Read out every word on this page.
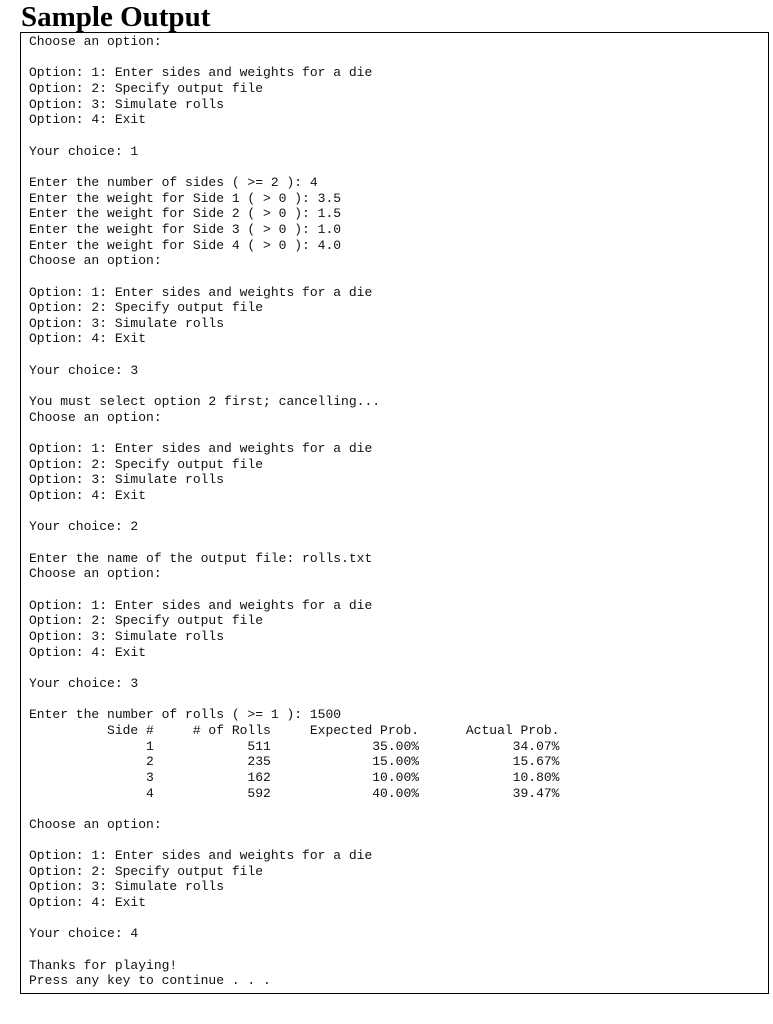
Sample Output
Choose an option:

Option: 1: Enter sides and weights for a die
Option: 2: Specify output file
Option: 3: Simulate rolls
Option: 4: Exit

Your choice: 1

Enter the number of sides ( >= 2 ): 4
Enter the weight for Side 1 ( > 0 ): 3.5
Enter the weight for Side 2 ( > 0 ): 1.5
Enter the weight for Side 3 ( > 0 ): 1.0
Enter the weight for Side 4 ( > 0 ): 4.0
Choose an option:

Option: 1: Enter sides and weights for a die
Option: 2: Specify output file
Option: 3: Simulate rolls
Option: 4: Exit

Your choice: 3

You must select option 2 first; cancelling...
Choose an option:

Option: 1: Enter sides and weights for a die
Option: 2: Specify output file
Option: 3: Simulate rolls
Option: 4: Exit

Your choice: 2

Enter the name of the output file: rolls.txt
Choose an option:

Option: 1: Enter sides and weights for a die
Option: 2: Specify output file
Option: 3: Simulate rolls
Option: 4: Exit

Your choice: 3

Enter the number of rolls ( >= 1 ): 1500
Side #     # of Rolls     Expected Prob.      Actual Prob.
1            511             35.00%            34.07%
2            235             15.00%            15.67%
3            162             10.00%            10.80%
4            592             40.00%            39.47%

Choose an option:

Option: 1: Enter sides and weights for a die
Option: 2: Specify output file
Option: 3: Simulate rolls
Option: 4: Exit

Your choice: 4

Thanks for playing!
Press any key to continue . . .
